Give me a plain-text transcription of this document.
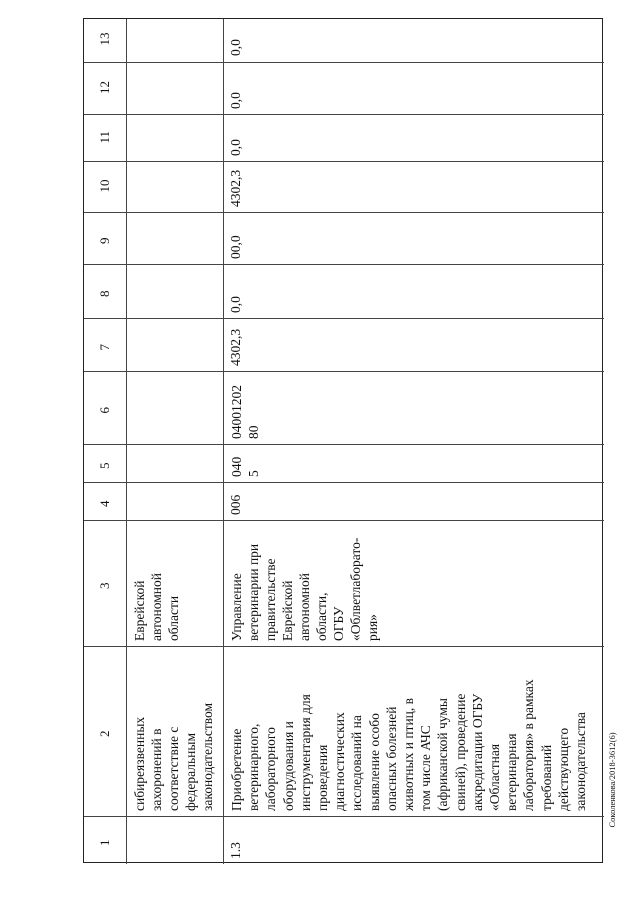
Соколенкова/2018-3612(6)
13
12
11
10
9
8
7
6
5
4
3
2
1
Еврейской автономной области
сибиреязвенных захоронений в соответствие с федеральным законодательством
0,0
0,0
0,0
4302,3
00,0
0,0
4302,3
04001202 80
040 5
006
Управление ветеринарии при правительстве Еврейской автономной области, ОГБУ «Облветлаборато- рия»
Приобретение ветеринарного, лабораторного оборудования и инструментария для проведения диагностических исследований на выявление особо опасных болезней животных и птиц, в том числе АЧС (африканской чумы свиней), проведение аккредитации ОГБУ «Областная ветеринарная лаборатория» в рамках требований действующего законодательства
1.3
